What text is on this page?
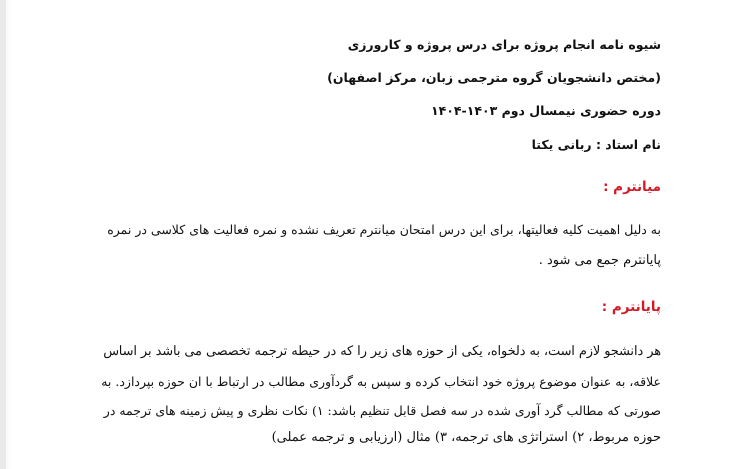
شیوه نامه انجام پروژه برای درس پروژه و کارورزی
(مختص دانشجویان گروه مترجمی زبان، مرکز اصفهان)
دوره حضوری نیمسال دوم ۱۴۰۳-۱۴۰۴
نام استاد : ربانی یکتا
میانترم :
به دلیل اهمیت کلیه فعالیتها، برای این درس امتحان میانترم تعریف نشده و نمره فعالیت های کلاسی در نمره
پایانترم جمع می شود .
پایانترم :
هر دانشجو لازم است، به دلخواه، یکی از حوزه های زیر را که در حیطه ترجمه تخصصی می باشد بر اساس
علاقه، به عنوان موضوع پروژه خود انتخاب کرده و سپس به گردآوری مطالب در ارتباط با ان حوزه بپردازد. به
صورتی که مطالب گرد آوری شده در سه فصل قابل تنظیم باشد: ۱) نکات نظری و پیش زمینه های ترجمه در
حوزه مربوط، ۲) استراتژی های ترجمه، ۳) مثال (ارزیابی و ترجمه عملی)
